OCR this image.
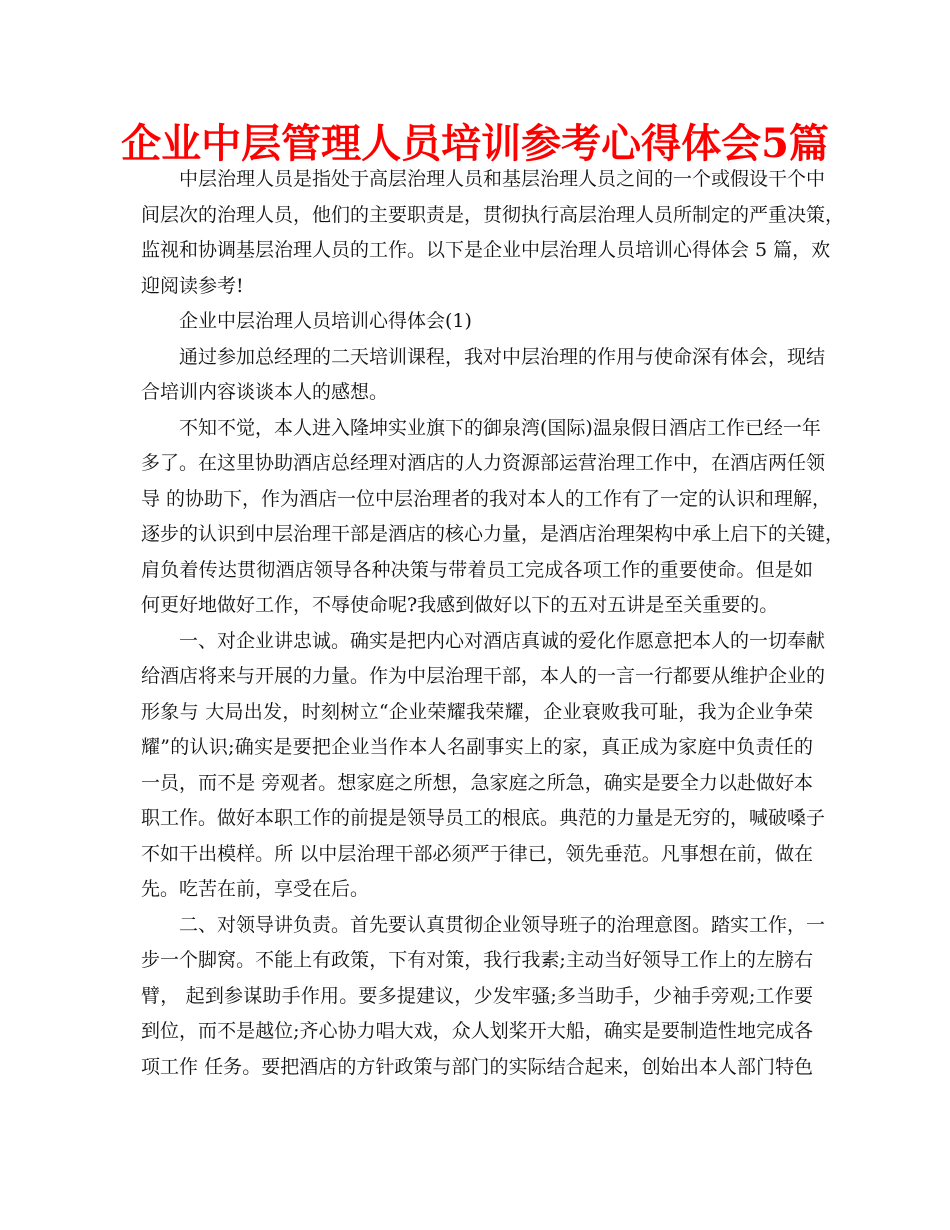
企业中层管理人员培训参考心得体会5篇
中层治理人员是指处于高层治理人员和基层治理人员之间的一个或假设干个中
间层次的治理人员，他们的主要职责是，贯彻执行高层治理人员所制定的严重决策，
监视和协调基层治理人员的工作。以下是企业中层治理人员培训心得体会 5 篇，欢
迎阅读参考!
企业中层治理人员培训心得体会(1)
通过参加总经理的二天培训课程，我对中层治理的作用与使命深有体会，现结
合培训内容谈谈本人的感想。
不知不觉，本人进入隆坤实业旗下的御泉湾(国际)温泉假日酒店工作已经一年
多了。在这里协助酒店总经理对酒店的人力资源部运营治理工作中，在酒店两任领
导 的协助下，作为酒店一位中层治理者的我对本人的工作有了一定的认识和理解，
逐步的认识到中层治理干部是酒店的核心力量，是酒店治理架构中承上启下的关键，
肩负着传达贯彻酒店领导各种决策与带着员工完成各项工作的重要使命。但是如
何更好地做好工作，不辱使命呢?我感到做好以下的五对五讲是至关重要的。
一、对企业讲忠诚。确实是把内心对酒店真诚的爱化作愿意把本人的一切奉献
给酒店将来与开展的力量。作为中层治理干部，本人的一言一行都要从维护企业的
形象与 大局出发，时刻树立“企业荣耀我荣耀，企业衰败我可耻，我为企业争荣
耀”的认识;确实是要把企业当作本人名副事实上的家，真正成为家庭中负责任的
一员，而不是 旁观者。想家庭之所想，急家庭之所急，确实是要全力以赴做好本
职工作。做好本职工作的前提是领导员工的根底。典范的力量是无穷的，喊破嗓子
不如干出模样。所 以中层治理干部必须严于律已，领先垂范。凡事想在前，做在
先。吃苦在前，享受在后。
二、对领导讲负责。首先要认真贯彻企业领导班子的治理意图。踏实工作，一
步一个脚窝。不能上有政策，下有对策，我行我素;主动当好领导工作上的左膀右
臂， 起到参谋助手作用。要多提建议，少发牢骚;多当助手，少袖手旁观;工作要
到位，而不是越位;齐心协力唱大戏，众人划桨开大船，确实是要制造性地完成各
项工作 任务。要把酒店的方针政策与部门的实际结合起来，创始出本人部门特色
